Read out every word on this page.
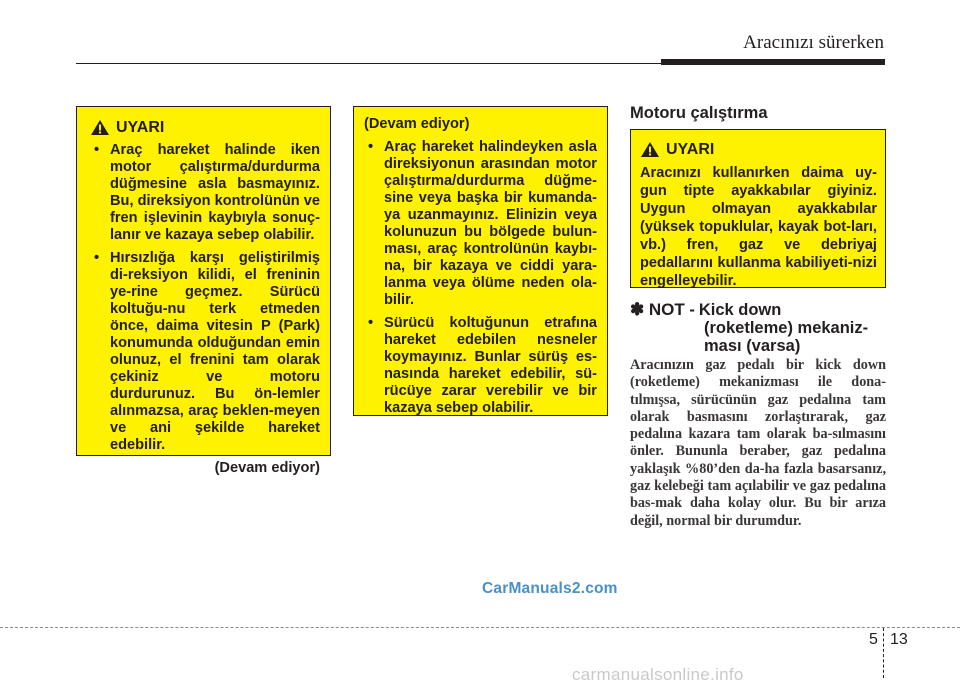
Aracınızı sürerken
UYARI
• Araç hareket halinde iken motor çalıştırma/durdurma düğmesine asla basmayınız. Bu, direksiyon kontrolünün ve fren işlevinin kaybıyla sonuç-lanır ve kazaya sebep olabilir.
• Hırsızlığa karşı geliştirilmiş di-reksiyon kilidi, el freninin ye-rine geçmez. Sürücü koltuğu-nu terk etmeden önce, daima vitesin P (Park) konumunda olduğundan emin olunuz, el frenini tam olarak çekiniz ve motoru durdurunuz. Bu ön-lemler alınmazsa, araç beklen-meyen ve ani şekilde hareket edebilir.
(Devam ediyor)
(Devam ediyor)
• Araç hareket halindeyken asla direksiyonun arasından motor çalıştırma/durdurma düğme-sine veya başka bir kumanda-ya uzanmayınız. Elinizin veya kolunuzun bu bölgede bulun-ması, araç kontrolünün kaybı-na, bir kazaya ve ciddi yara-lanma veya ölüme neden ola-bilir.
• Sürücü koltuğunun etrafına hareket edebilen nesneler koymayınız. Bunlar sürüş es-nasında hareket edebilir, sü-rücüye zarar verebilir ve bir kazaya sebep olabilir.
Motoru çalıştırma
UYARI
Aracınızı kullanırken daima uy-gun tipte ayakkabılar giyiniz. Uygun olmayan ayakkabılar (yüksek topuklular, kayak bot-ları, vb.) fren, gaz ve debriyaj pedallarını kullanma kabiliyeti-nizi engelleyebilir.
✽ NOT - Kick down
(roketleme) mekaniz-
ması (varsa)
Aracınızın gaz pedalı bir kick down (roketleme) mekanizması ile dona-tılmışsa, sürücünün gaz pedalına tam olarak basmasını zorlaştırarak, gaz pedalına kazara tam olarak ba-sılmasını önler. Bununla beraber, gaz pedalına yaklaşık %80’den da-ha fazla basarsanız, gaz kelebeği tam açılabilir ve gaz pedalına bas-mak daha kolay olur. Bu bir arıza değil, normal bir durumdur.
CarManuals2.com
5 13
carmanualsonline.info
